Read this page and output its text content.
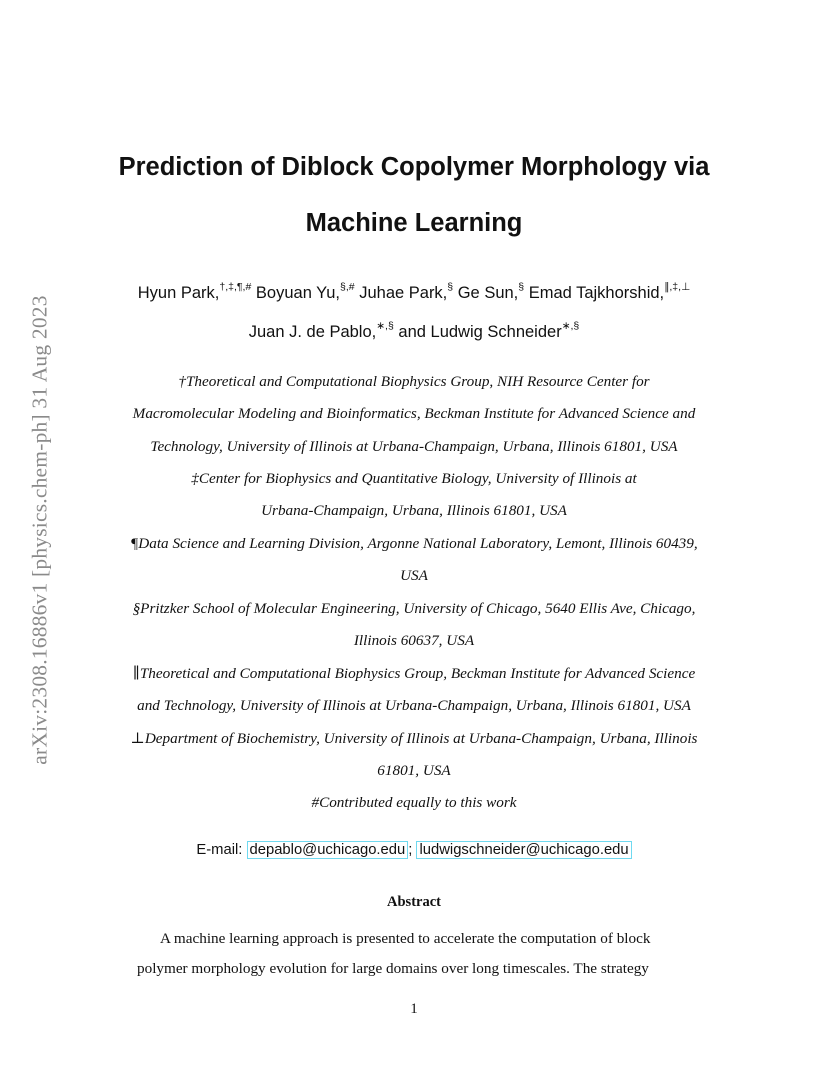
arXiv:2308.16886v1 [physics.chem-ph] 31 Aug 2023
Prediction of Diblock Copolymer Morphology via
Machine Learning
Hyun Park,†,‡,¶,# Boyuan Yu,§,# Juhae Park,§ Ge Sun,§ Emad Tajkhorshid,∥,‡,⊥
Juan J. de Pablo,∗,§ and Ludwig Schneider∗,§
†Theoretical and Computational Biophysics Group, NIH Resource Center for
Macromolecular Modeling and Bioinformatics, Beckman Institute for Advanced Science and
Technology, University of Illinois at Urbana-Champaign, Urbana, Illinois 61801, USA
‡Center for Biophysics and Quantitative Biology, University of Illinois at
Urbana-Champaign, Urbana, Illinois 61801, USA
¶Data Science and Learning Division, Argonne National Laboratory, Lemont, Illinois 60439,
USA
§Pritzker School of Molecular Engineering, University of Chicago, 5640 Ellis Ave, Chicago,
Illinois 60637, USA
∥Theoretical and Computational Biophysics Group, Beckman Institute for Advanced Science
and Technology, University of Illinois at Urbana-Champaign, Urbana, Illinois 61801, USA
⊥Department of Biochemistry, University of Illinois at Urbana-Champaign, Urbana, Illinois
61801, USA
#Contributed equally to this work
E-mail: depablo@uchicago.edu ; ludwigschneider@uchicago.edu
Abstract
A machine learning approach is presented to accelerate the computation of block
polymer morphology evolution for large domains over long timescales. The strategy
1
